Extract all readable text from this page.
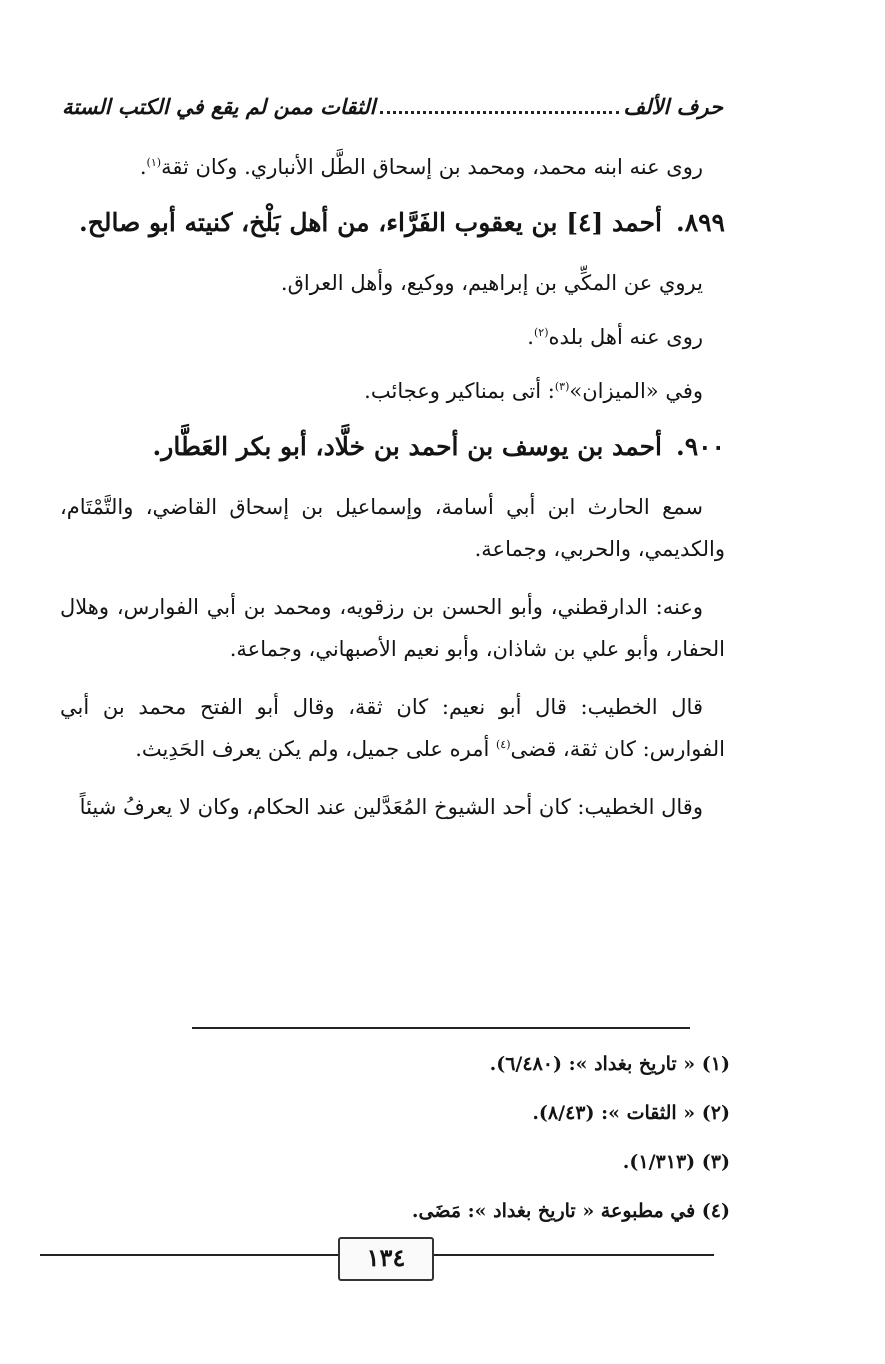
حرف الألف
الثقات ممن لم يقع في الكتب الستة

روى عنه ابنه محمد، ومحمد بن إسحاق الطَّل الأنباري. وكان ثقة$^{(١)}$.

٨٩٩.أحمد [٤] بن يعقوب الفَرَّاء، من أهل بَلْخ، كنيته أبو صالح.

يروي عن المكِّي بن إبراهيم، ووكيع، وأهل العراق.

روى عنه أهل بلده$^{(٢)}$.

وفي «الميزان»$^{(٣)}$: أتى بمناكير وعجائب.

٩٠٠.أحمد بن يوسف بن أحمد بن خلَّاد، أبو بكر العَطَّار.

سمع الحارث ابن أبي أسامة، وإسماعيل بن إسحاق القاضي، والتَّمْتَام، والكديمي، والحربي، وجماعة.

وعنه: الدارقطني، وأبو الحسن بن رزقويه، ومحمد بن أبي الفوارس، وهلال الحفار، وأبو علي بن شاذان، وأبو نعيم الأصبهاني، وجماعة.

قال الخطيب: قال أبو نعيم: كان ثقة، وقال أبو الفتح محمد بن أبي الفوارس: كان ثقة، قضى$^{(٤)}$ أمره على جميل، ولم يكن يعرف الحَدِيث.

وقال الخطيب: كان أحد الشيوخ المُعَدَّلين عند الحكام، وكان لا يعرفُ شيئاً

(١) « تاريخ بغداد »: (٦/٤٨٠).
(٢) « الثقات »: (٨/٤٣).
(٣) (١/٣١٣).
(٤) في مطبوعة « تاريخ بغداد »: مَضَى.
١٣٤
